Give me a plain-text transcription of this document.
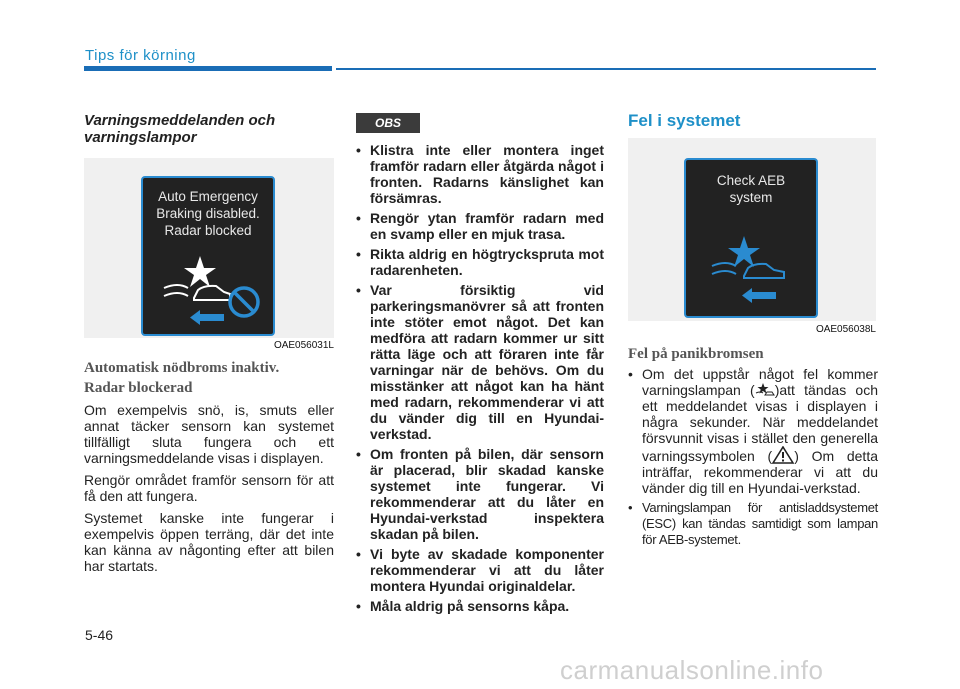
Tips för körning
Varningsmeddelanden och varningslampor
Auto Emergency
Braking disabled.
Radar blocked
OAE056031L
Automatisk nödbroms inaktiv.
Radar blockerad

Om exempelvis snö, is, smuts eller annat täcker sensorn kan systemet tillfälligt sluta fungera och ett varningsmeddelande visas i displayen.

Rengör området framför sensorn för att få den att fungera.

Systemet kanske inte fungerar i exempelvis öppen terräng, där det inte kan känna av någonting efter att bilen har startats.

OBS
• Klistra inte eller montera inget framför radarn eller åtgärda något i fronten. Radarns känslighet kan försämras.
• Rengör ytan framför radarn med en svamp eller en mjuk trasa.
• Rikta aldrig en högtryckspruta mot radarenheten.
• Var försiktig vid parkeringsmanövrer så att fronten inte stöter emot något. Det kan medföra att radarn kommer ur sitt rätta läge och att föraren inte får varningar när de behövs. Om du misstänker att något kan ha hänt med radarn, rekommenderar vi att du vänder dig till en Hyundai-verkstad.
• Om fronten på bilen, där sensorn är placerad, blir skadad kanske systemet inte fungerar. Vi rekommenderar att du låter en Hyundai-verkstad inspektera skadan på bilen.
• Vi byte av skadade komponenter rekommenderar vi att du låter montera Hyundai originaldelar.
• Måla aldrig på sensorns kåpa.
Fel i systemet
Check AEB
system
OAE056038L
Fel på panikbromsen
• Om det uppstår något fel kommer varningslampan ( )att tändas och ett meddelandet visas i displayen i några sekunder. När meddelandet försvunnit visas i stället den generella varningssymbolen ( ) Om detta inträffar, rekommenderar vi att du vänder dig till en Hyundai-verkstad.
• Varningslampan för antisladdsystemet (ESC) kan tändas samtidigt som lampan för AEB-systemet.
5-46
carmanualsonline.info
